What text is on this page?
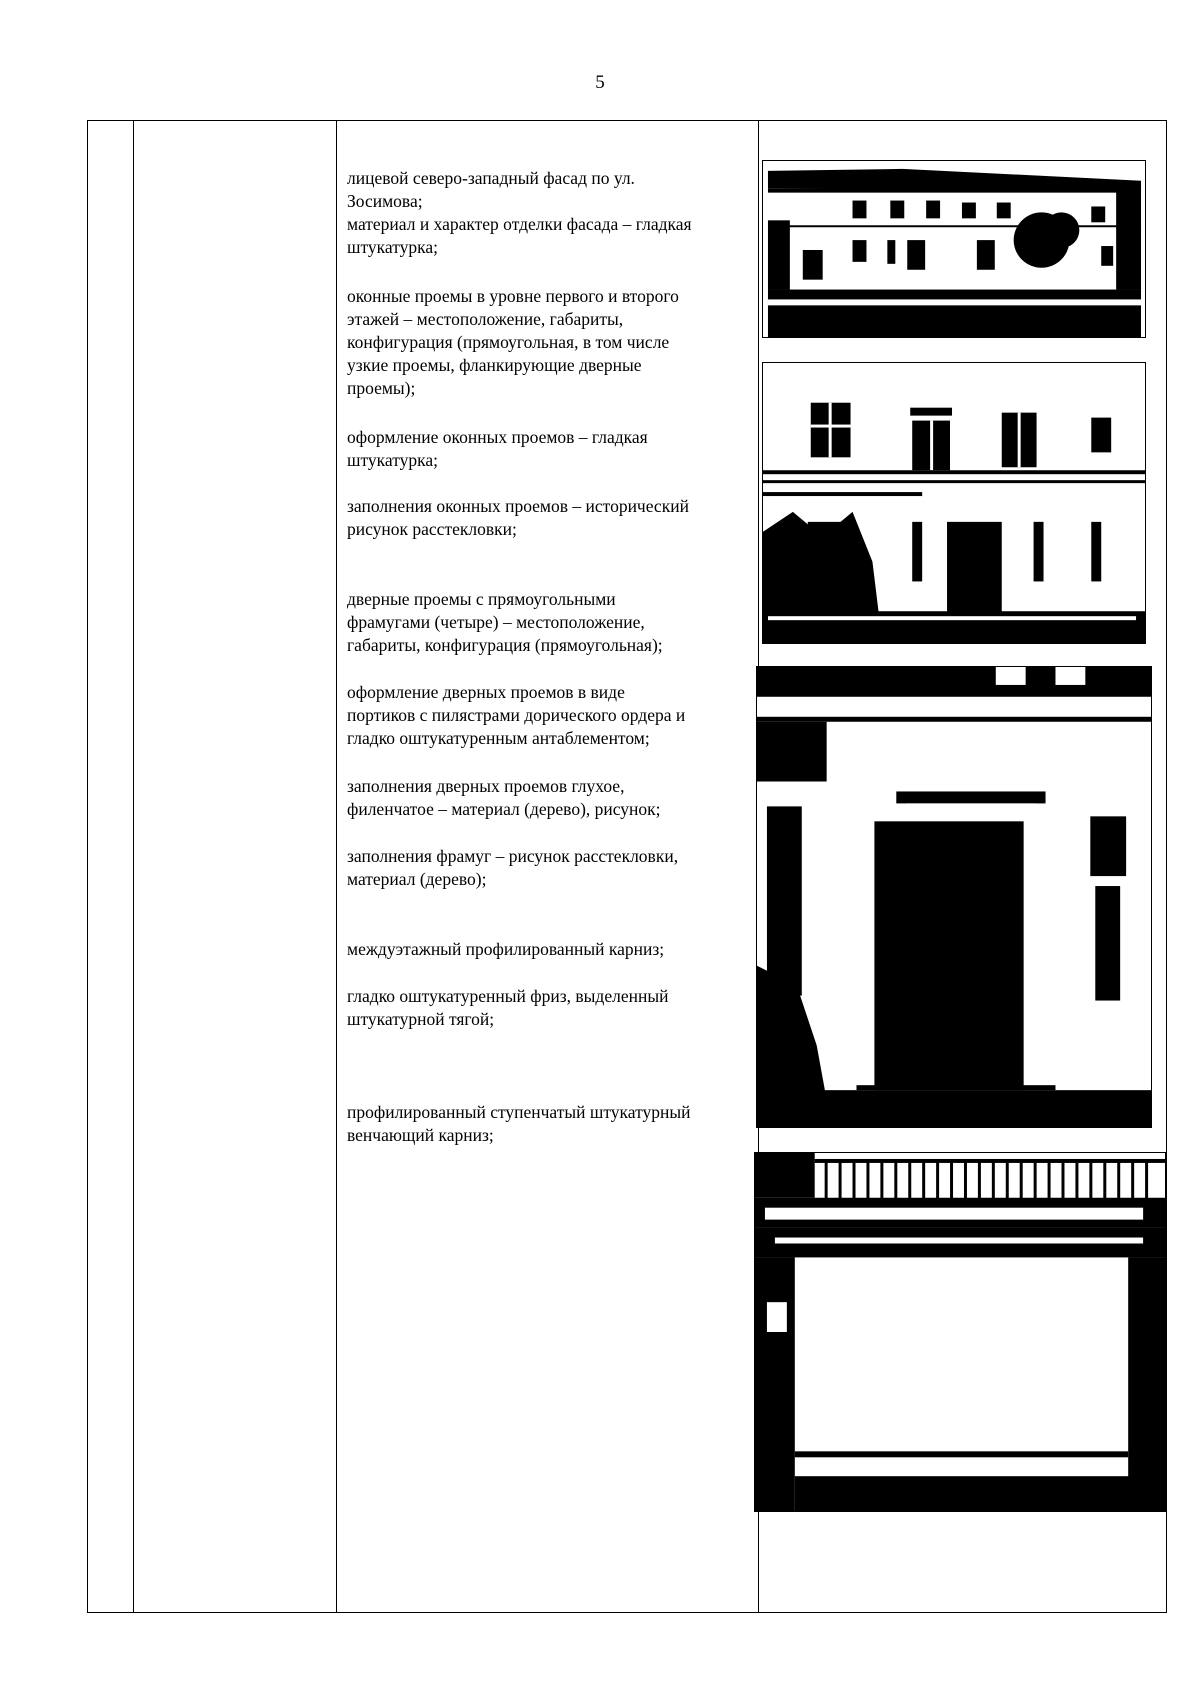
5

лицевой северо-западный фасад по ул.
Зосимова;
материал и характер отделки фасада – гладкая
штукатурка;

оконные проемы в уровне первого и второго
этажей – местоположение, габариты,
конфигурация (прямоугольная, в том числе
узкие проемы, фланкирующие дверные
проемы);

оформление оконных проемов – гладкая
штукатурка;

заполнения оконных проемов – исторический
рисунок расстекловки;

дверные проемы с прямоугольными
фрамугами (четыре) – местоположение,
габариты, конфигурация (прямоугольная);

оформление дверных проемов в виде
портиков с пилястрами дорического ордера и
гладко оштукатуренным антаблементом;

заполнения дверных проемов глухое,
филенчатое – материал (дерево), рисунок;

заполнения фрамуг – рисунок расстекловки,
материал (дерево);

междуэтажный профилированный карниз;

гладко оштукатуренный фриз, выделенный
штукатурной тягой;

профилированный ступенчатый штукатурный
венчающий карниз;
